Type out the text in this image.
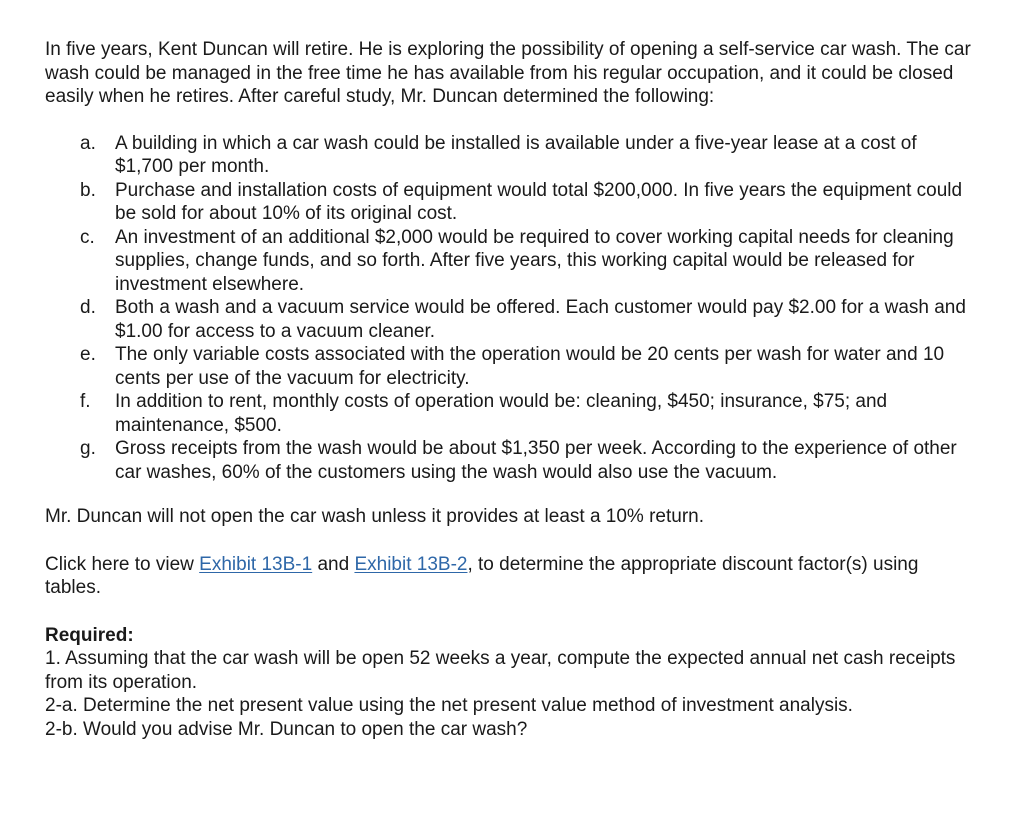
In five years, Kent Duncan will retire. He is exploring the possibility of opening a self-service car wash. The car wash could be managed in the free time he has available from his regular occupation, and it could be closed easily when he retires. After careful study, Mr. Duncan determined the following:

a.	A building in which a car wash could be installed is available under a five-year lease at a cost of $1,700 per month.
b.	Purchase and installation costs of equipment would total $200,000. In five years the equipment could be sold for about 10% of its original cost.
c.	An investment of an additional $2,000 would be required to cover working capital needs for cleaning supplies, change funds, and so forth. After five years, this working capital would be released for investment elsewhere.
d.	Both a wash and a vacuum service would be offered. Each customer would pay $2.00 for a wash and $1.00 for access to a vacuum cleaner.
e.	The only variable costs associated with the operation would be 20 cents per wash for water and 10 cents per use of the vacuum for electricity.
f.	In addition to rent, monthly costs of operation would be: cleaning, $450; insurance, $75; and maintenance, $500.
g.	Gross receipts from the wash would be about $1,350 per week. According to the experience of other car washes, 60% of the customers using the wash would also use the vacuum.

Mr. Duncan will not open the car wash unless it provides at least a 10% return.

Click here to view Exhibit 13B-1 and Exhibit 13B-2, to determine the appropriate discount factor(s) using tables.

Required:

1. Assuming that the car wash will be open 52 weeks a year, compute the expected annual net cash receipts from its operation.

2-a. Determine the net present value using the net present value method of investment analysis.

2-b. Would you advise Mr. Duncan to open the car wash?
